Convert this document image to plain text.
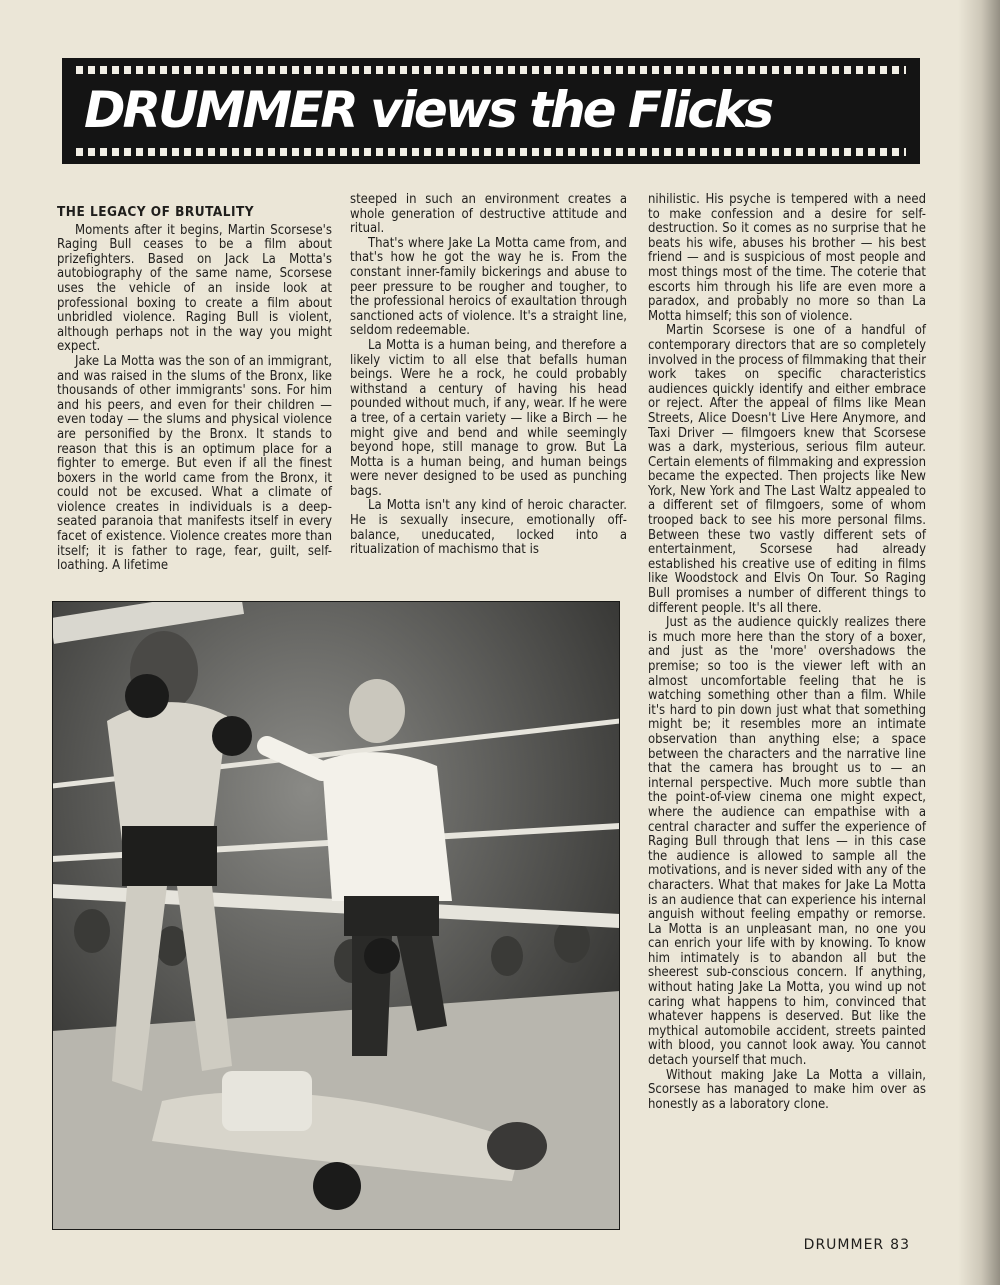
DRUMMER views the Flicks
THE LEGACY OF BRUTALITY

Moments after it begins, Martin Scorsese's Raging Bull ceases to be a film about prizefighters. Based on Jack La Motta's autobiography of the same name, Scorsese uses the vehicle of an inside look at professional boxing to create a film about unbridled violence. Raging Bull is violent, although perhaps not in the way you might expect.

Jake La Motta was the son of an immigrant, and was raised in the slums of the Bronx, like thousands of other immigrants' sons. For him and his peers, and even for their children — even today — the slums and physical violence are personified by the Bronx. It stands to reason that this is an optimum place for a fighter to emerge. But even if all the finest boxers in the world came from the Bronx, it could not be excused. What a climate of violence creates in individuals is a deep-seated paranoia that manifests itself in every facet of existence. Violence creates more than itself; it is father to rage, fear, guilt, self-loathing. A lifetime

steeped in such an environment creates a whole generation of destructive attitude and ritual.

That's where Jake La Motta came from, and that's how he got the way he is. From the constant inner-family bickerings and abuse to peer pressure to be rougher and tougher, to the professional heroics of exaultation through sanctioned acts of violence. It's a straight line, seldom redeemable.

La Motta is a human being, and therefore a likely victim to all else that befalls human beings. Were he a rock, he could probably withstand a century of having his head pounded without much, if any, wear. If he were a tree, of a certain variety — like a Birch — he might give and bend and while seemingly beyond hope, still manage to grow. But La Motta is a human being, and human beings were never designed to be used as punching bags.

La Motta isn't any kind of heroic character. He is sexually insecure, emotionally off-balance, uneducated, locked into a ritualization of machismo that is

nihilistic. His psyche is tempered with a need to make confession and a desire for self-destruction. So it comes as no surprise that he beats his wife, abuses his brother — his best friend — and is suspicious of most people and most things most of the time. The coterie that escorts him through his life are even more a paradox, and probably no more so than La Motta himself; this son of violence.

Martin Scorsese is one of a handful of contemporary directors that are so completely involved in the process of filmmaking that their work takes on specific characteristics audiences quickly identify and either embrace or reject. After the appeal of films like Mean Streets, Alice Doesn't Live Here Anymore, and Taxi Driver — filmgoers knew that Scorsese was a dark, mysterious, serious film auteur. Certain elements of filmmaking and expression became the expected. Then projects like New York, New York and The Last Waltz appealed to a different set of filmgoers, some of whom trooped back to see his more personal films. Between these two vastly different sets of entertainment, Scorsese had already established his creative use of editing in films like Woodstock and Elvis On Tour. So Raging Bull promises a number of different things to different people. It's all there.

Just as the audience quickly realizes there is much more here than the story of a boxer, and just as the 'more' overshadows the premise; so too is the viewer left with an almost uncomfortable feeling that he is watching something other than a film. While it's hard to pin down just what that something might be; it resembles more an intimate observation than anything else; a space between the characters and the narrative line that the camera has brought us to — an internal perspective. Much more subtle than the point-of-view cinema one might expect, where the audience can empathise with a central character and suffer the experience of Raging Bull through that lens — in this case the audience is allowed to sample all the motivations, and is never sided with any of the characters. What that makes for Jake La Motta is an audience that can experience his internal anguish without feeling empathy or remorse. La Motta is an unpleasant man, no one you can enrich your life with by knowing. To know him intimately is to abandon all but the sheerest sub-conscious concern. If anything, without hating Jake La Motta, you wind up not caring what happens to him, convinced that whatever happens is deserved. But like the mythical automobile accident, streets painted with blood, you cannot look away. You cannot detach yourself that much.

Without making Jake La Motta a villain, Scorsese has managed to make him over as honestly as a laboratory clone.

DRUMMER 83
